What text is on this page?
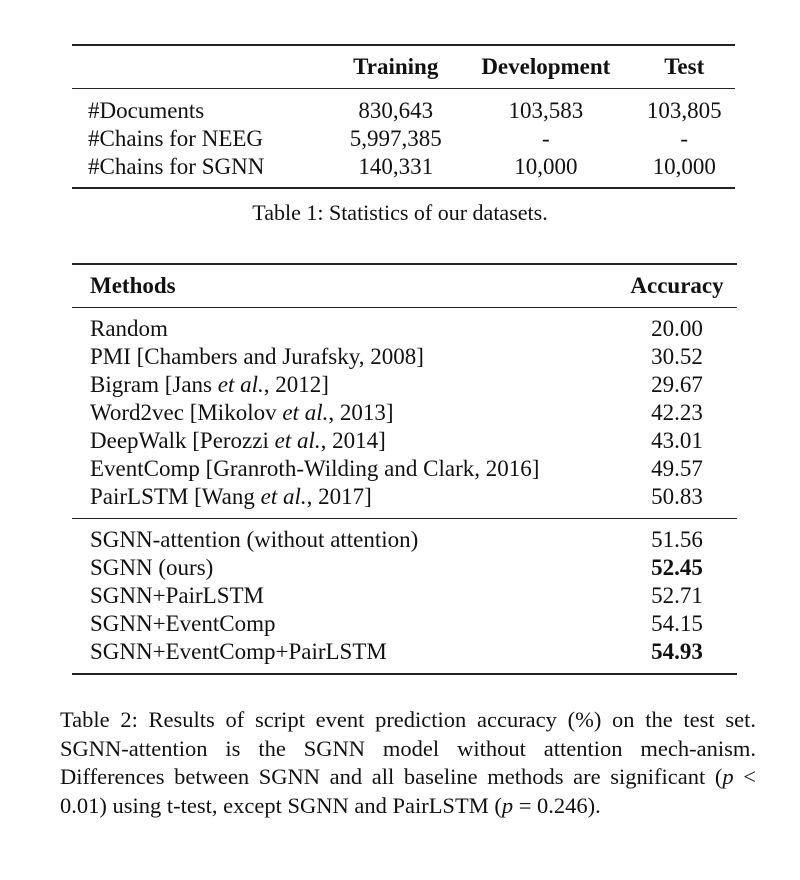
	Training	Development	Test
#Documents	830,643	103,583	103,805
#Chains for NEEG	5,997,385	-	-
#Chains for SGNN	140,331	10,000	10,000
Table 1: Statistics of our datasets.
Methods	Accuracy
Random	20.00
PMI [Chambers and Jurafsky, 2008]	30.52
Bigram [Jans et al., 2012]	29.67
Word2vec [Mikolov et al., 2013]	42.23
DeepWalk [Perozzi et al., 2014]	43.01
EventComp [Granroth-Wilding and Clark, 2016]	49.57
PairLSTM [Wang et al., 2017]	50.83
SGNN-attention (without attention)	51.56
SGNN (ours)	52.45
SGNN+PairLSTM	52.71
SGNN+EventComp	54.15
SGNN+EventComp+PairLSTM	54.93
Table 2: Results of script event prediction accuracy (%) on the test set. SGNN-attention is the SGNN model without attention mech-anism. Differences between SGNN and all baseline methods are significant (p < 0.01) using t-test, except SGNN and PairLSTM (p = 0.246).
